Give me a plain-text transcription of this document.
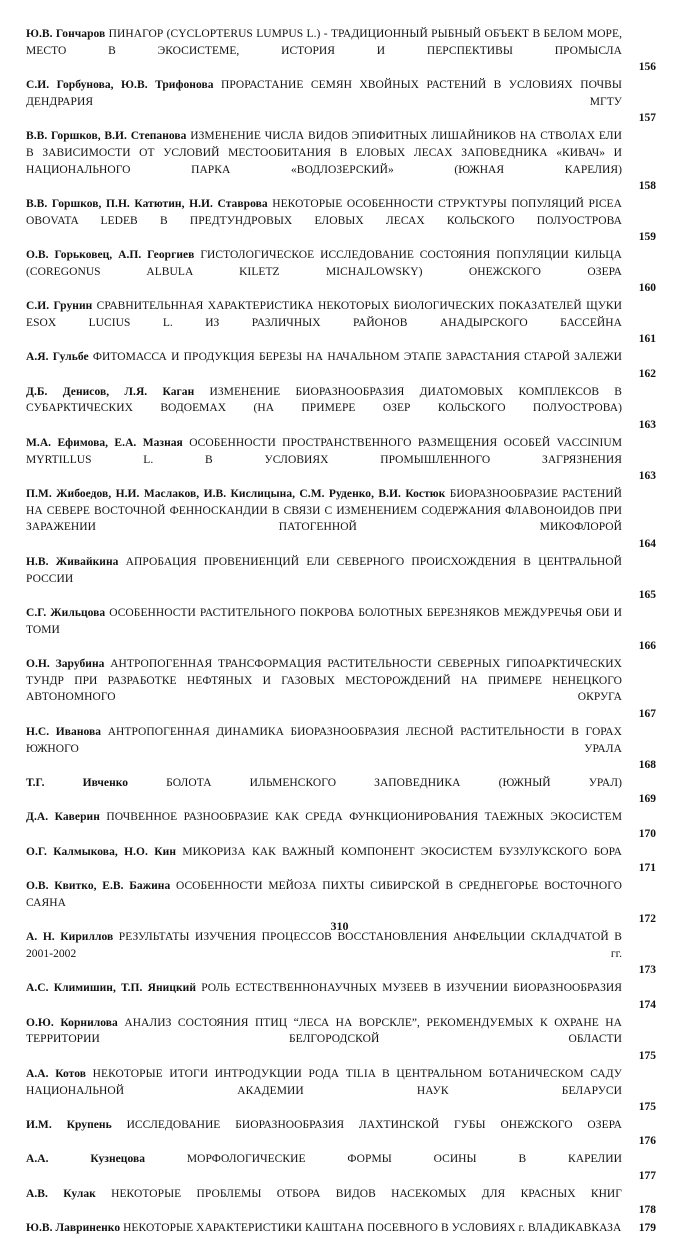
Ю.В. Гончаров ПИНАГОР (CYCLOPTERUS LUMPUS L.) - ТРАДИЦИОННЫЙ РЫБНЫЙ ОБЪЕКТ В БЕЛОМ МОРЕ, МЕСТО В ЭКОСИСТЕМЕ, ИСТОРИЯ И ПЕРСПЕКТИВЫ ПРОМЫСЛА
156
С.И. Горбунова, Ю.В. Трифонова ПРОРАСТАНИЕ СЕМЯН ХВОЙНЫХ РАСТЕНИЙ В УСЛОВИЯХ ПОЧВЫ ДЕНДРАРИЯ МГТУ
157
В.В. Горшков, В.И. Степанова ИЗМЕНЕНИЕ ЧИСЛА ВИДОВ ЭПИФИТНЫХ ЛИШАЙНИКОВ НА СТВОЛАХ ЕЛИ В ЗАВИСИМОСТИ ОТ УСЛОВИЙ МЕСТООБИТАНИЯ В ЕЛОВЫХ ЛЕСАХ ЗАПОВЕДНИКА «КИВАЧ» И НАЦИОНАЛЬНОГО ПАРКА «ВОДЛОЗЕРСКИЙ» (ЮЖНАЯ КАРЕЛИЯ)
158
В.В. Горшков, П.Н. Катютин, Н.И. Ставрова НЕКОТОРЫЕ ОСОБЕННОСТИ СТРУКТУРЫ ПОПУЛЯЦИЙ PICEA OBOVATA LEDEB В ПРЕДТУНДРОВЫХ ЕЛОВЫХ ЛЕСАХ КОЛЬСКОГО ПОЛУОСТРОВА
159
О.В. Горьковец, А.П. Георгиев ГИСТОЛОГИЧЕСКОЕ ИССЛЕДОВАНИЕ СОСТОЯНИЯ ПОПУЛЯЦИИ КИЛЬЦА (COREGONUS ALBULA KILETZ MICHAJLOWSKY) ОНЕЖСКОГО ОЗЕРА
160
С.И. Грунин СРАВНИТЕЛЬННАЯ ХАРАКТЕРИСТИКА НЕКОТОРЫХ БИОЛОГИЧЕСКИХ ПОКАЗАТЕЛЕЙ ЩУКИ ESOX LUCIUS L. ИЗ РАЗЛИЧНЫХ РАЙОНОВ АНАДЫРСКОГО БАССЕЙНА
161
А.Я. Гульбе ФИТОМАССА И ПРОДУКЦИЯ БЕРЕЗЫ НА НАЧАЛЬНОМ ЭТАПЕ ЗАРАСТАНИЯ СТАРОЙ ЗАЛЕЖИ
162
Д.Б. Денисов, Л.Я. Каган ИЗМЕНЕНИЕ БИОРАЗНООБРАЗИЯ ДИАТОМОВЫХ КОМПЛЕКСОВ В СУБАРКТИЧЕСКИХ ВОДОЕМАХ (НА ПРИМЕРЕ ОЗЕР КОЛЬСКОГО ПОЛУОСТРОВА)
163
М.А. Ефимова, Е.А. Мазная ОСОБЕННОСТИ ПРОСТРАНСТВЕННОГО РАЗМЕЩЕНИЯ ОСОБЕЙ VACCINIUM MYRTILLUS L. В УСЛОВИЯХ ПРОМЫШЛЕННОГО ЗАГРЯЗНЕНИЯ
163
П.М. Жибоедов, Н.И. Маслаков, И.В. Кислицына, С.М. Руденко, В.И. Костюк БИОРАЗНООБРАЗИЕ РАСТЕНИЙ НА СЕВЕРЕ ВОСТОЧНОЙ ФЕННОСКАНДИИ В СВЯЗИ С ИЗМЕНЕНИЕМ СОДЕРЖАНИЯ ФЛАВОНОИДОВ ПРИ ЗАРАЖЕНИИ ПАТОГЕННОЙ МИКОФЛОРОЙ
164
Н.В. Живайкина АПРОБАЦИЯ ПРОВЕНИЕНЦИЙ ЕЛИ СЕВЕРНОГО ПРОИСХОЖДЕНИЯ В ЦЕНТРАЛЬНОЙ РОССИИ
165
С.Г. Жильцова ОСОБЕННОСТИ РАСТИТЕЛЬНОГО ПОКРОВА БОЛОТНЫХ БЕРЕЗНЯКОВ МЕЖДУРЕЧЬЯ ОБИ И ТОМИ
166
О.Н. Зарубина АНТРОПОГЕННАЯ ТРАНСФОРМАЦИЯ РАСТИТЕЛЬНОСТИ СЕВЕРНЫХ ГИПОАРКТИЧЕСКИХ ТУНДР ПРИ РАЗРАБОТКЕ НЕФТЯНЫХ И ГАЗОВЫХ МЕСТОРОЖДЕНИЙ НА ПРИМЕРЕ НЕНЕЦКОГО АВТОНОМНОГО ОКРУГА
167
Н.С. Иванова АНТРОПОГЕННАЯ ДИНАМИКА БИОРАЗНООБРАЗИЯ ЛЕСНОЙ РАСТИТЕЛЬНОСТИ В ГОРАХ ЮЖНОГО УРАЛА
168
Т.Г. Ивченко	БОЛОТА ИЛЬМЕНСКОГО ЗАПОВЕДНИКА (ЮЖНЫЙ УРАЛ)
169
Д.А. Каверин ПОЧВЕННОЕ РАЗНООБРАЗИЕ КАК СРЕДА ФУНКЦИОНИРОВАНИЯ ТАЕЖНЫХ ЭКОСИСТЕМ
170
О.Г. Калмыкова, Н.О. Кин МИКОРИЗА КАК ВАЖНЫЙ КОМПОНЕНТ ЭКОСИСТЕМ БУЗУЛУКСКОГО БОРА
171
О.В. Квитко, Е.В. Бажина ОСОБЕННОСТИ МЕЙОЗА ПИХТЫ СИБИРСКОЙ В СРЕДНЕГОРЬЕ ВОСТОЧНОГО САЯНА
172
А. Н. Кириллов РЕЗУЛЬТАТЫ ИЗУЧЕНИЯ ПРОЦЕССОВ ВОССТАНОВЛЕНИЯ АНФЕЛЬЦИИ СКЛАДЧАТОЙ В 2001-2002 гг.
173
А.С. Климишин, Т.П. Яницкий РОЛЬ ЕСТЕСТВЕННОНАУЧНЫХ МУЗЕЕВ В ИЗУЧЕНИИ БИОРАЗНООБРАЗИЯ
174
О.Ю. Корнилова АНАЛИЗ СОСТОЯНИЯ ПТИЦ “ЛЕСА НА ВОРСКЛЕ”, РЕКОМЕНДУЕМЫХ К ОХРАНЕ НА ТЕРРИТОРИИ БЕЛГОРОДСКОЙ ОБЛАСТИ
175
А.А. Котов НЕКОТОРЫЕ ИТОГИ ИНТРОДУКЦИИ РОДА TILIA В ЦЕНТРАЛЬНОМ БОТАНИЧЕСКОМ САДУ НАЦИОНАЛЬНОЙ АКАДЕМИИ НАУК БЕЛАРУСИ
175
И.М. Крупень ИССЛЕДОВАНИЕ БИОРАЗНООБРАЗИЯ ЛАХТИНСКОЙ ГУБЫ ОНЕЖСКОГО ОЗЕРА
176
А.А. Кузнецова	МОРФОЛОГИЧЕСКИЕ ФОРМЫ ОСИНЫ В КАРЕЛИИ
177
А.В. Кулак НЕКОТОРЫЕ ПРОБЛЕМЫ ОТБОРА ВИДОВ НАСЕКОМЫХ ДЛЯ КРАСНЫХ КНИГ
178
Ю.В. Лавриненко НЕКОТОРЫЕ ХАРАКТЕРИСТИКИ КАШТАНА ПОСЕВНОГО В УСЛОВИЯХ г. ВЛАДИКАВКАЗА 179
310
